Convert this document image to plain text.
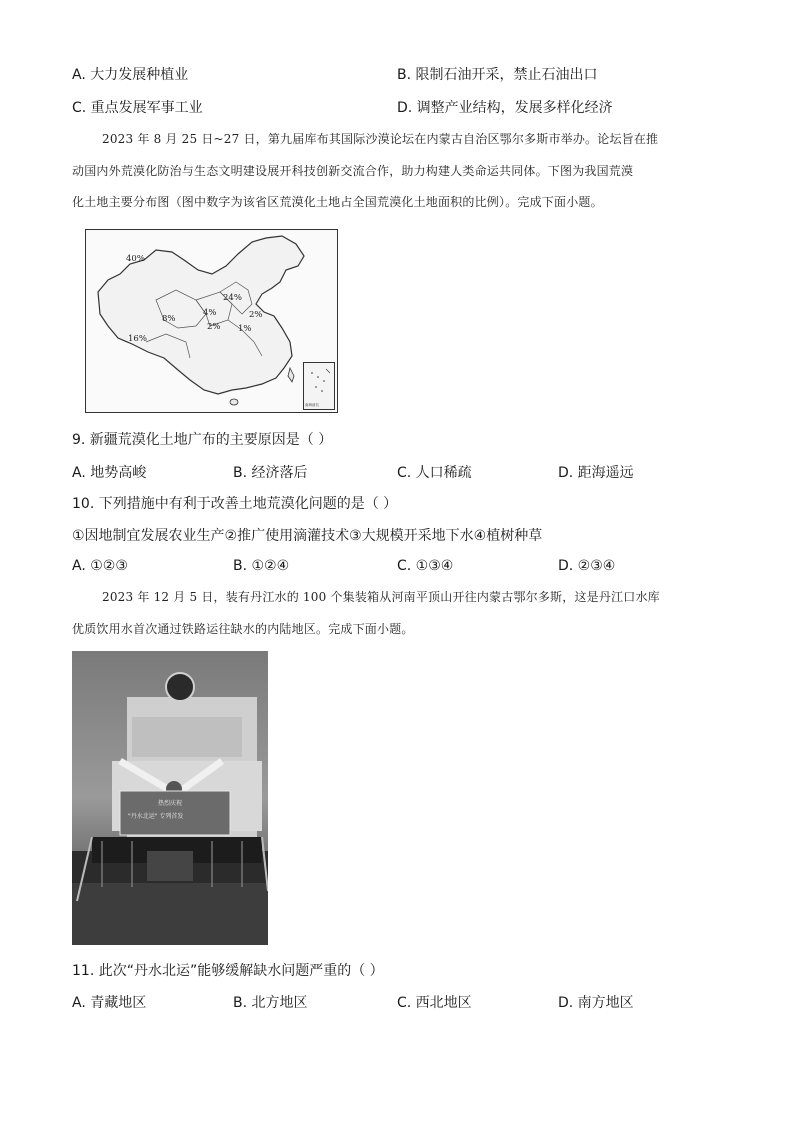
A. 大力发展种植业	B. 限制石油开采，禁止石油出口
C. 重点发展军事工业	D. 调整产业结构，发展多样化经济
2023 年 8 月 25 日~27 日，第九届库布其国际沙漠论坛在内蒙古自治区鄂尔多斯市举办。论坛旨在推
动国内外荒漠化防治与生态文明建设展开科技创新交流合作，助力构建人类命运共同体。下图为我国荒漠
化土地主要分布图（图中数字为该省区荒漠化土地占全国荒漠化土地面积的比例）。完成下面小题。
40%
24%
8%
4%
2%
2%
16%
1%
南海诸岛
9. 新疆荒漠化土地广布的主要原因是（ ）
A. 地势高峻	B. 经济落后	C. 人口稀疏	D. 距海遥远
10. 下列措施中有利于改善土地荒漠化问题的是（ ）
①因地制宜发展农业生产②推广使用滴灌技术③大规模开采地下水④植树种草
A. ①②③	B. ①②④	C. ①③④	D. ②③④
2023 年 12 月 5 日，装有丹江水的 100 个集装箱从河南平顶山开往内蒙古鄂尔多斯，这是丹江口水库
优质饮用水首次通过铁路运往缺水的内陆地区。完成下面小题。
热烈庆祝
"丹水北运" 专列首发
11. 此次“丹水北运”能够缓解缺水问题严重的（ ）
A. 青藏地区	B. 北方地区	C. 西北地区	D. 南方地区
